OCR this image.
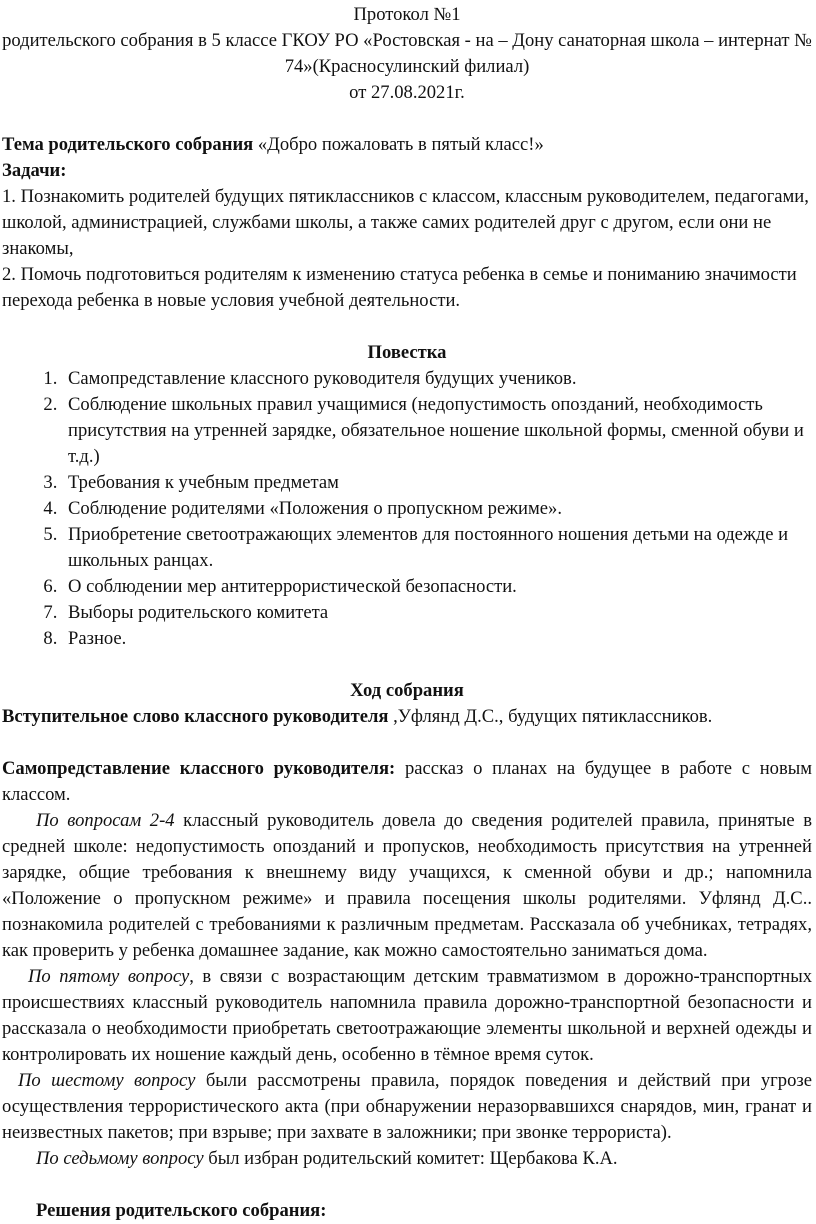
Протокол №1

родительского собрания в 5 классе ГКОУ РО «Ростовская - на – Дону санаторная школа – интернат № 74»(Красносулинский филиал)

от 27.08.2021г.

Тема родительского собрания «Добро пожаловать в пятый класс!»

Задачи:

1. Познакомить родителей будущих пятиклассников с классом, классным руководителем, педагогами, школой, администрацией, службами школы, а также самих родителей друг с другом, если они не знакомы,

2. Помочь подготовиться родителям к изменению статуса ребенка в семье и пониманию значимости перехода ребенка в новые условия учебной деятельности.

Повестка

1. Самопредставление классного руководителя будущих учеников.
2. Соблюдение школьных правил учащимися (недопустимость опозданий, необходимость присутствия на утренней зарядке, обязательное ношение школьной формы, сменной обуви и т.д.)
3. Требования к учебным предметам
4. Соблюдение родителями «Положения о пропускном режиме».
5. Приобретение светоотражающих элементов для постоянного ношения детьми на одежде и школьных ранцах.
6. О соблюдении мер антитеррористической безопасности.
7. Выборы родительского комитета
8. Разное.

Ход собрания

Вступительное слово классного руководителя ,Уфлянд Д.С., будущих пятиклассников.

Самопредставление классного руководителя: рассказ о планах на будущее в работе с новым классом.

По вопросам 2-4 классный руководитель довела до сведения родителей правила, принятые в средней школе: недопустимость опозданий и пропусков, необходимость присутствия на утренней зарядке, общие требования к внешнему виду учащихся, к сменной обуви и др.; напомнила «Положение о пропускном режиме» и правила посещения школы родителями. Уфлянд Д.С.. познакомила родителей с требованиями к различным предметам. Рассказала об учебниках, тетрадях, как проверить у ребенка домашнее задание, как можно самостоятельно заниматься дома.

По пятому вопросу, в связи с возрастающим детским травматизмом в дорожно-транспортных происшествиях классный руководитель напомнила правила дорожно-транспортной безопасности и рассказала о необходимости приобретать светоотражающие элементы школьной и верхней одежды и контролировать их ношение каждый день, особенно в тёмное время суток.

По шестому вопросу были рассмотрены правила, порядок поведения и действий при угрозе осуществления террористического акта (при обнаружении неразорвавшихся снарядов, мин, гранат и неизвестных пакетов; при взрыве; при захвате в заложники; при звонке террориста).

По седьмому вопросу был избран родительский комитет: Щербакова К.А.

Решения родительского собрания:
